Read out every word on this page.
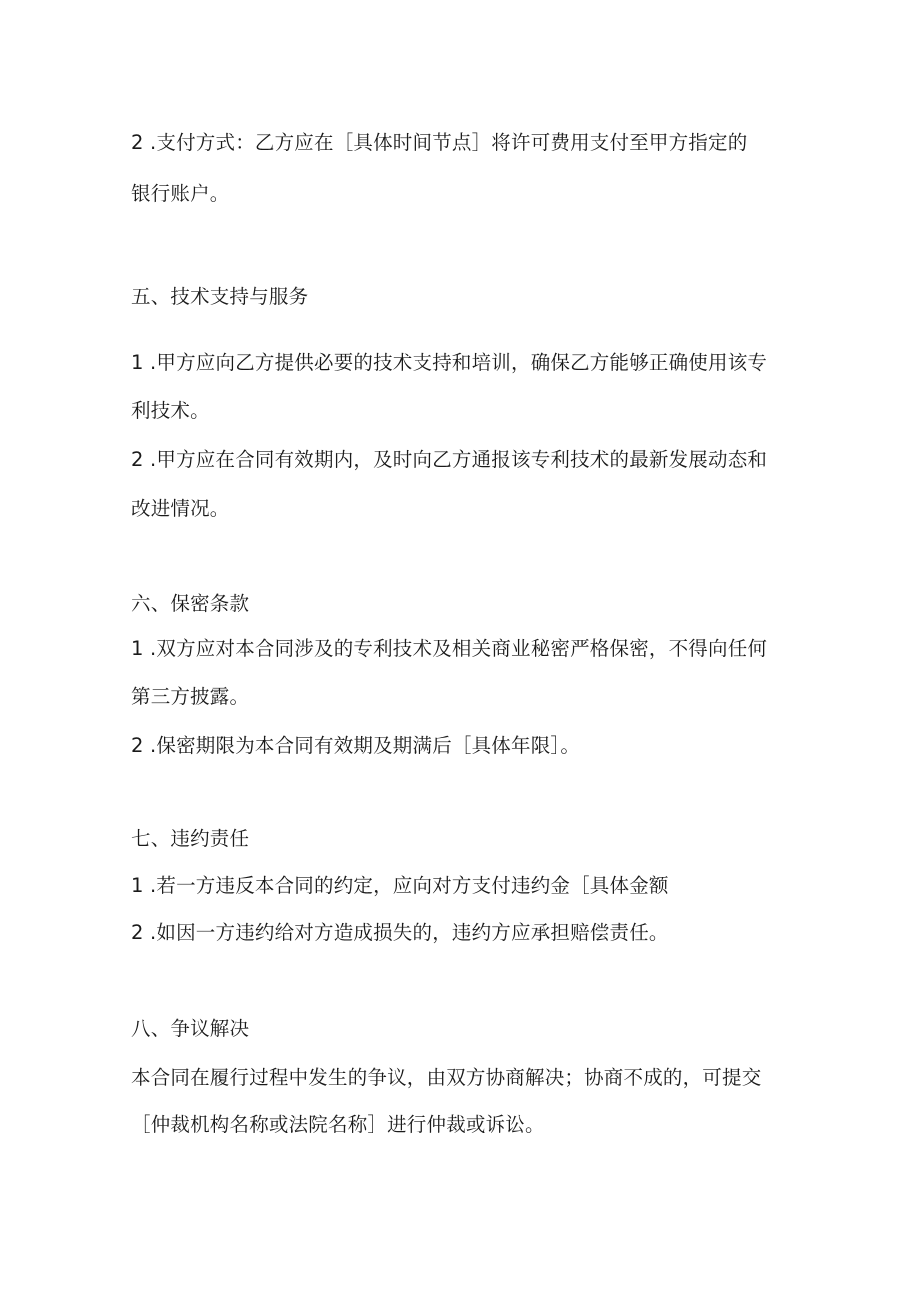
2 .支付方式：乙方应在［具体时间节点］将许可费用支付至甲方指定的

银行账户。

五、技术支持与服务

1 .甲方应向乙方提供必要的技术支持和培训，确保乙方能够正确使用该专

利技术。

2 .甲方应在合同有效期内，及时向乙方通报该专利技术的最新发展动态和

改进情况。

六、保密条款

1 .双方应对本合同涉及的专利技术及相关商业秘密严格保密，不得向任何

第三方披露。

2 .保密期限为本合同有效期及期满后［具体年限］。

七、违约责任

1 .若一方违反本合同的约定，应向对方支付违约金［具体金额

2 .如因一方违约给对方造成损失的，违约方应承担赔偿责任。

八、争议解决

本合同在履行过程中发生的争议，由双方协商解决；协商不成的，可提交

［仲裁机构名称或法院名称］进行仲裁或诉讼。
